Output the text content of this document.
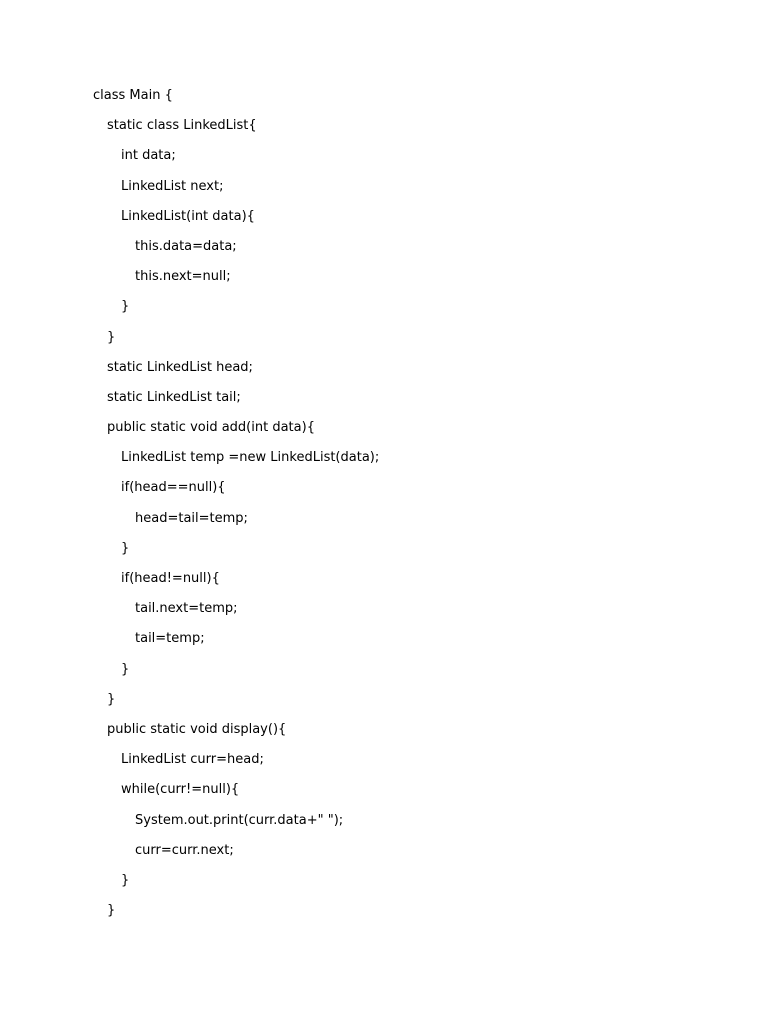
class Main {
static class LinkedList{
int data;
LinkedList next;
LinkedList(int data){
this.data=data;
this.next=null;
}
}
static LinkedList head;
static LinkedList tail;
public static void add(int data){
LinkedList temp =new LinkedList(data);
if(head==null){
head=tail=temp;
}
if(head!=null){
tail.next=temp;
tail=temp;
}
}
public static void display(){
LinkedList curr=head;
while(curr!=null){
System.out.print(curr.data+" ");
curr=curr.next;
}
}
